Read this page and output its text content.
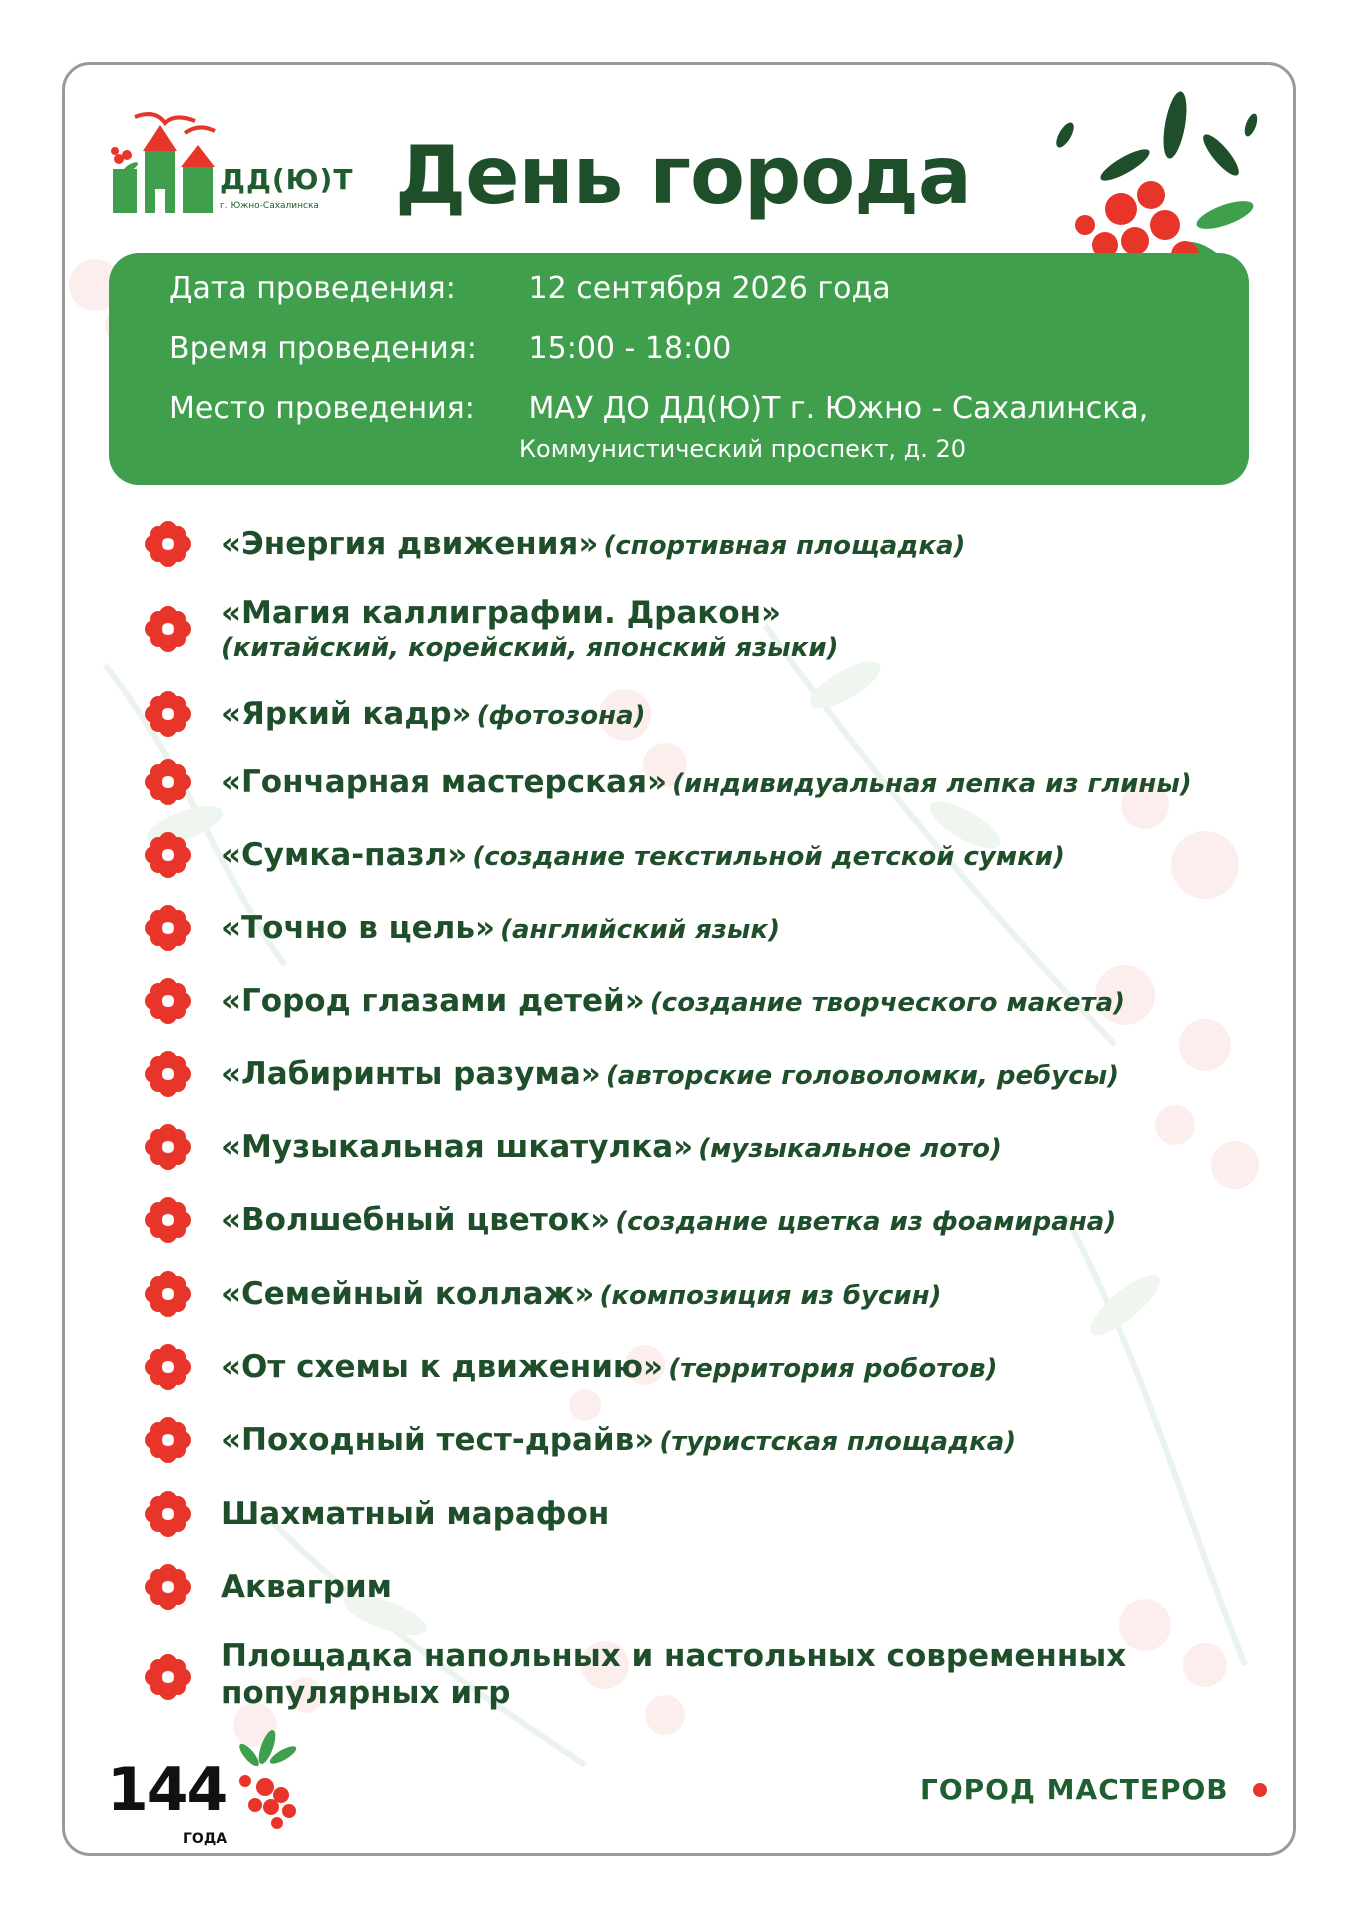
ДД(Ю)Т
г. Южно-Сахалинска День города
Дата проведения: 12 сентября 2026 года
Время проведения: 15:00 - 18:00
Место проведения: МАУ ДО ДД(Ю)Т г. Южно - Сахалинска,
Коммунистический проспект, д. 20
«Энергия движения» (спортивная площадка)
«Магия каллиграфии. Дракон»
(китайский, корейский, японский языки)
«Яркий кадр» (фотозона)
«Гончарная мастерская» (индивидуальная лепка из глины)
«Сумка-пазл» (создание текстильной детской сумки)
«Точно в цель» (английский язык)
«Город глазами детей» (создание творческого макета)
«Лабиринты разума» (авторские головоломки, ребусы)
«Музыкальная шкатулка» (музыкальное лото)
«Волшебный цветок» (создание цветка из фоамирана)
«Семейный коллаж» (композиция из бусин)
«От схемы к движению» (территория роботов)
«Походный тест-драйв» (туристская площадка)
Шахматный марафон
Аквагрим
Площадка напольных и настольных современных
популярных игр
144
ГОДА
ГОРОД МАСТЕРОВ
